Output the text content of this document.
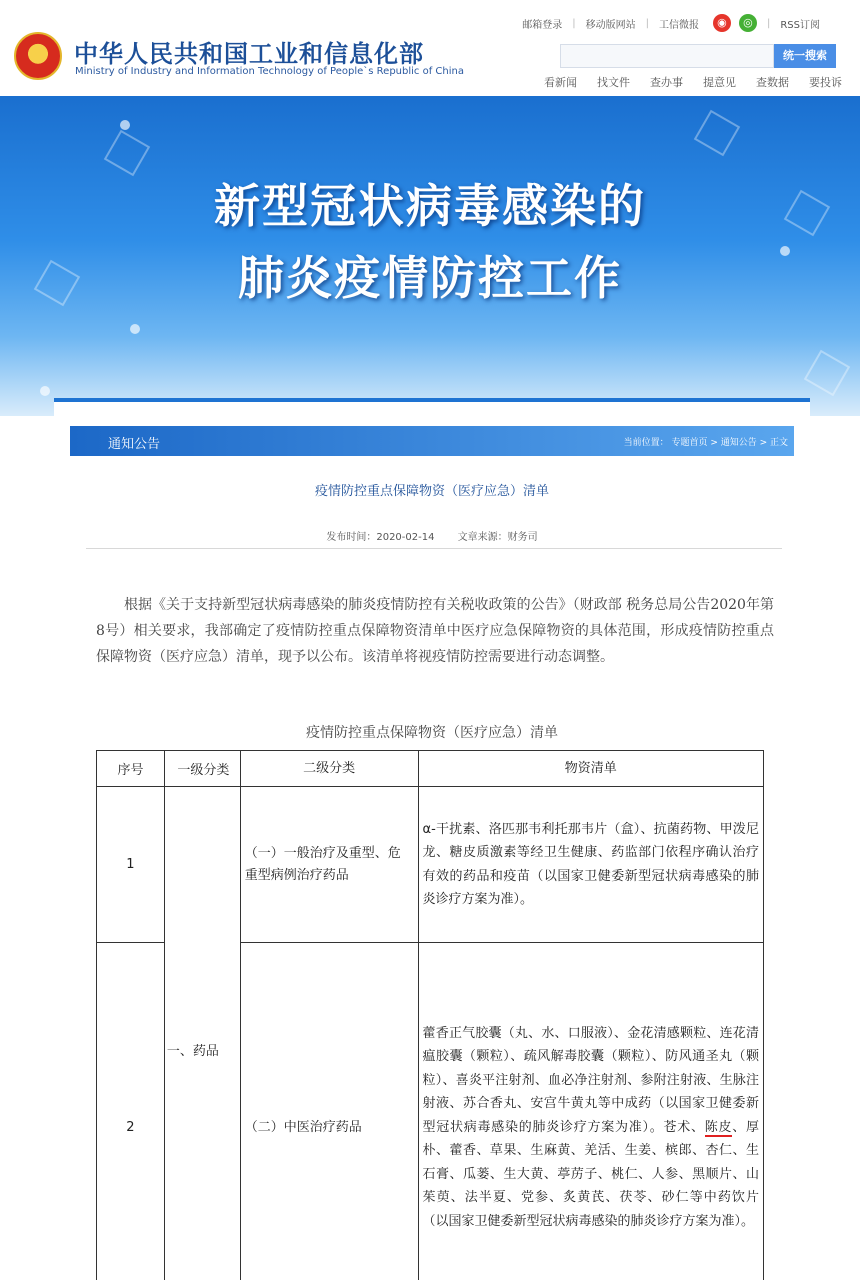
★
中华人民共和国工业和信息化部
Ministry of Industry and Information Technology of People`s Republic of China
邮箱登录	|	移动版网站	|	工信微报	◉	◎	|	RSS订阅
统一搜索
看新闻 找文件 查办事 提意见 查数据 要投诉
新型冠状病毒感染的
肺炎疫情防控工作
通知公告	当前位置： 专题首页 > 通知公告 > 正文
疫情防控重点保障物资（医疗应急）清单
发布时间：2020-02-14 文章来源：财务司

根据《关于支持新型冠状病毒感染的肺炎疫情防控有关税收政策的公告》（财政部 税务总局公告2020年第8号）相关要求，我部确定了疫情防控重点保障物资清单中医疗应急保障物资的具体范围，形成疫情防控重点保障物资（医疗应急）清单，现予以公布。该清单将视疫情防控需要进行动态调整。

疫情防控重点保障物资（医疗应急）清单
序号	一级分类	二级分类	物资清单
1	一、药品	（一）一般治疗及重型、危重型病例治疗药品	α-干扰素、洛匹那韦利托那韦片（盒）、抗菌药物、甲泼尼龙、糖皮质激素等经卫生健康、药监部门依程序确认治疗有效的药品和疫苗（以国家卫健委新型冠状病毒感染的肺炎诊疗方案为准）。
2		（二）中医治疗药品	藿香正气胶囊（丸、水、口服液）、金花清感颗粒、连花清瘟胶囊（颗粒）、疏风解毒胶囊（颗粒）、防风通圣丸（颗粒）、喜炎平注射剂、血必净注射剂、参附注射液、生脉注射液、苏合香丸、安宫牛黄丸等中成药（以国家卫健委新型冠状病毒感染的肺炎诊疗方案为准）。苍术、陈皮、厚朴、藿香、草果、生麻黄、羌活、生姜、槟郎、杏仁、生石膏、瓜蒌、生大黄、葶苈子、桃仁、人参、黑顺片、山茱萸、法半夏、党参、炙黄芪、茯苓、砂仁等中药饮片（以国家卫健委新型冠状病毒感染的肺炎诊疗方案为准）。
